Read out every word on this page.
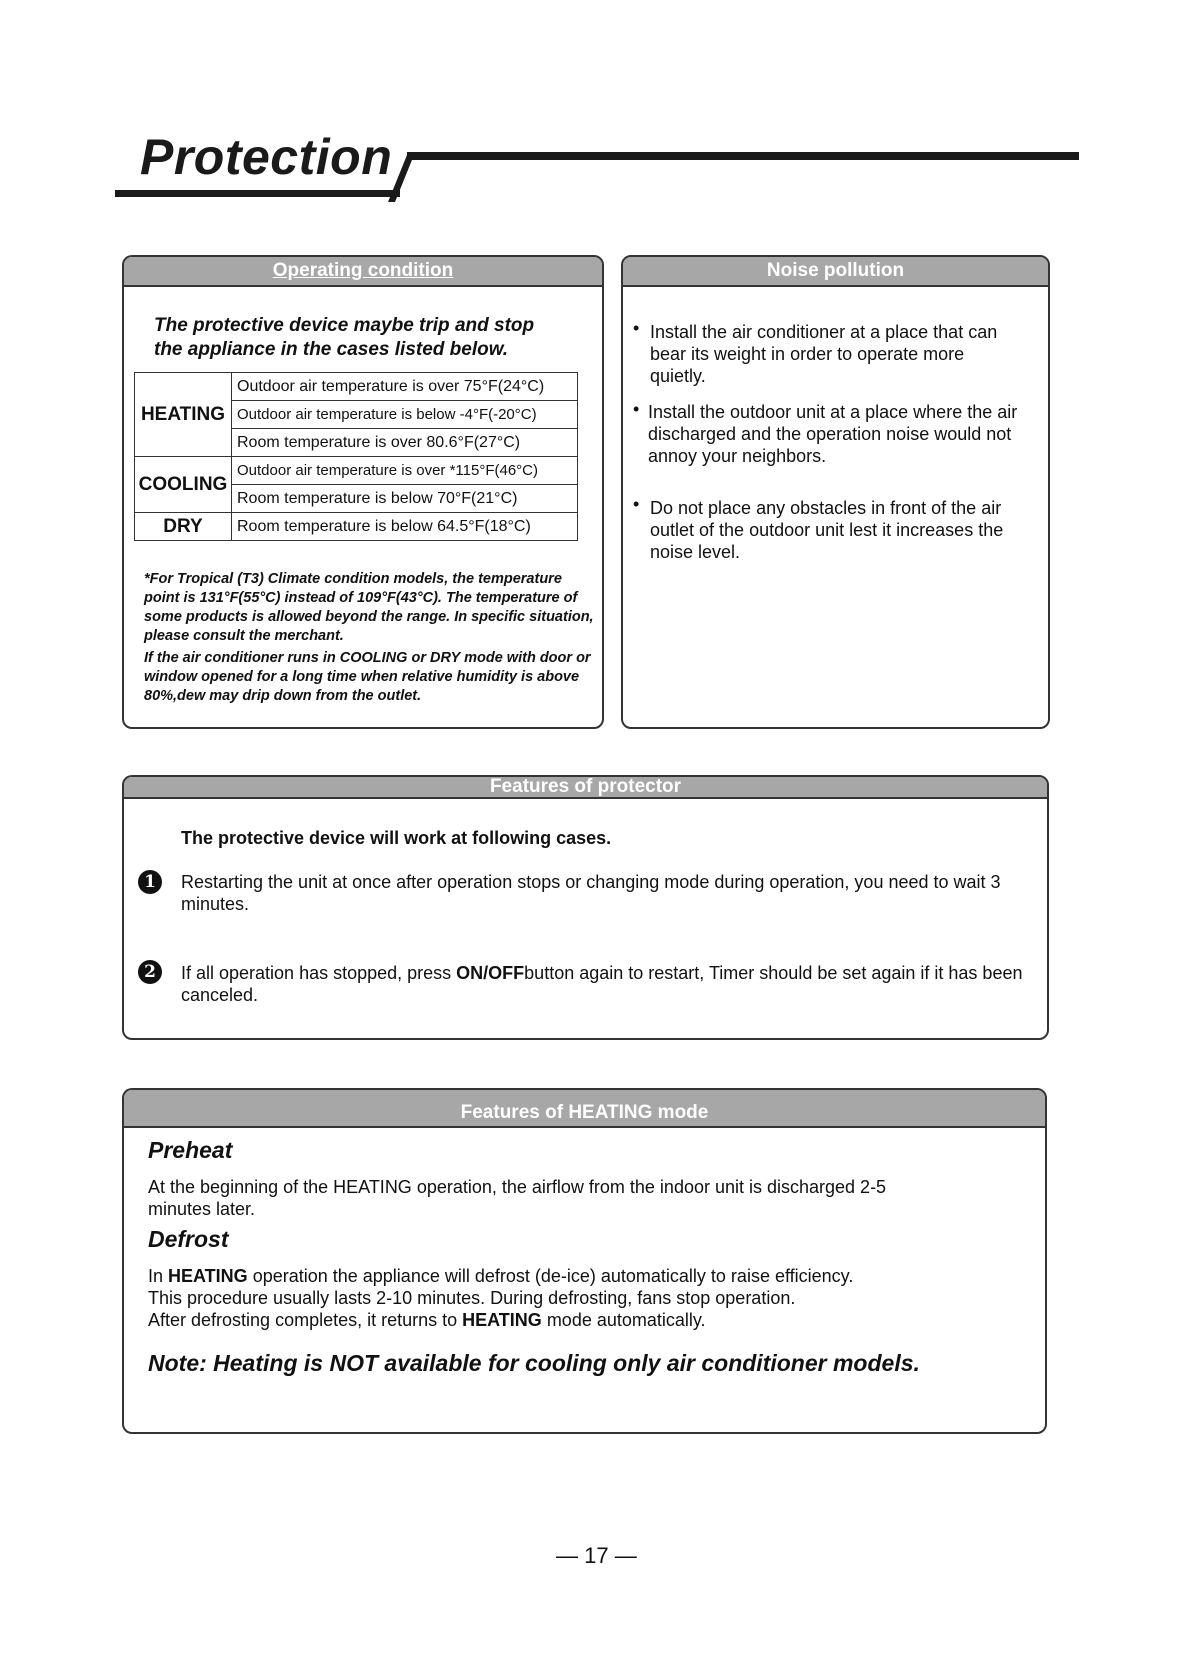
Protection
Operating condition
The protective device maybe trip and stop
the appliance in the cases listed below.
HEATING	Outdoor air temperature is over 75°F(24°C)
	Outdoor air temperature is below -4°F(-20°C)
	Room temperature is over 80.6°F(27°C)
COOLING	Outdoor air temperature is over *115°F(46°C)
	Room temperature is below 70°F(21°C)
DRY	Room temperature is below 64.5°F(18°C)

*For Tropical (T3) Climate condition models, the temperature point is 131°F(55°C) instead of 109°F(43°C). The temperature of some products is allowed beyond the range. In specific situation, please consult the merchant.

If the air conditioner runs in COOLING or DRY mode with door or window opened for a long time when relative humidity is above 80%,dew may drip down from the outlet.

Noise pollution
• Install the air conditioner at a place that can bear its weight in order to operate more quietly.
• Install the outdoor unit at a place where the air discharged and the operation noise would not annoy your neighbors.
• Do not place any obstacles in front of the air outlet of the outdoor unit lest it increases the noise level.
Features of protector
The protective device will work at following cases.
1	Restarting the unit at once after operation stops or changing mode during operation, you need to wait 3 minutes.
2	If all operation has stopped, press ON/OFFbutton again to restart, Timer should be set again if it has been canceled.
Features of HEATING mode
Preheat
At the beginning of the HEATING operation, the airflow from the indoor unit is discharged 2-5 minutes later.
Defrost
In HEATING operation the appliance will defrost (de-ice) automatically to raise efficiency.
This procedure usually lasts 2-10 minutes. During defrosting, fans stop operation.
After defrosting completes, it returns to HEATING mode automatically.
Note: Heating is NOT available for cooling only air conditioner models.
— 17 —
